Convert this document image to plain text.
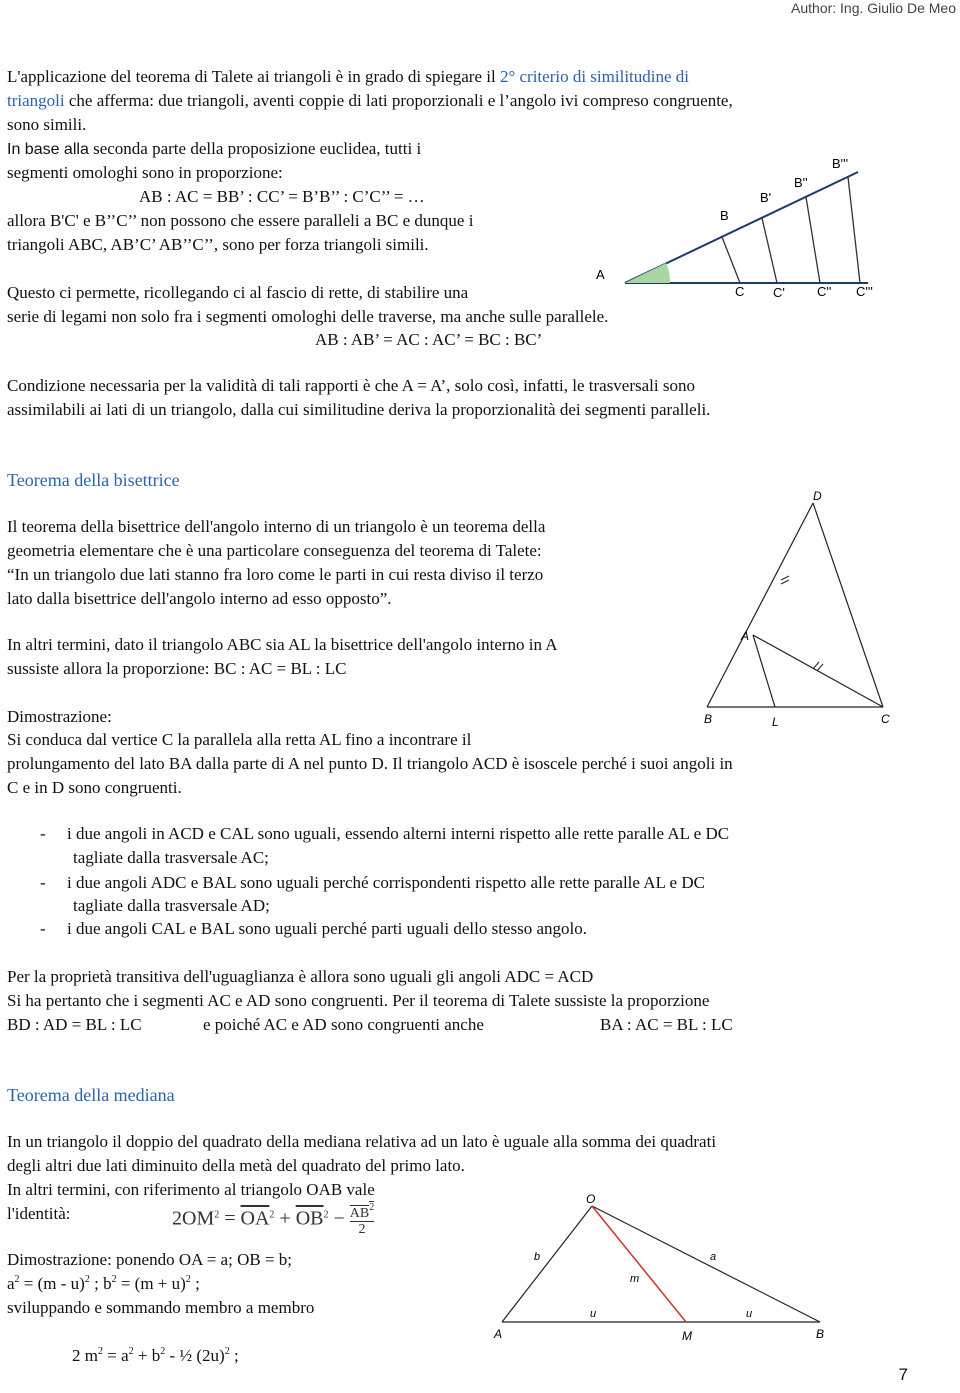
Author: Ing. Giulio De Meo
L'applicazione del teorema di Talete ai triangoli è in grado di spiegare il 2° criterio di similitudine di
triangoli che afferma: due triangoli, aventi coppie di lati proporzionali e l’angolo ivi compreso congruente,
sono simili.
In base alla seconda parte della proposizione euclidea, tutti i
segmenti omologhi sono in proporzione:
AB : AC = BB’ : CC’ = B’B’’ : C’C’’ = …
allora B'C' e B’’C’’ non possono che essere paralleli a BC e dunque i
triangoli ABC, AB’C’ AB’’C’’, sono per forza triangoli simili.
Questo ci permette, ricollegando ci al fascio di rette, di stabilire una
serie di legami non solo fra i segmenti omologhi delle traverse, ma anche sulle parallele.
AB : AB’ = AC : AC’ = BC : BC’
Condizione necessaria per la validità di tali rapporti è che A = A’, solo così, infatti, le trasversali sono
assimilabili ai lati di un triangolo, dalla cui similitudine deriva la proporzionalità dei segmenti paralleli.
A
B
B'
B''
B'''
C C' C'' C'''
Teorema della bisettrice
Il teorema della bisettrice dell'angolo interno di un triangolo è un teorema della
geometria elementare che è una particolare conseguenza del teorema di Talete:
“In un triangolo due lati stanno fra loro come le parti in cui resta diviso il terzo
lato dalla bisettrice dell'angolo interno ad esso opposto”.
In altri termini, dato il triangolo ABC sia AL la bisettrice dell'angolo interno in A
sussiste allora la proporzione: BC : AC = BL : LC
Dimostrazione:
Si conduca dal vertice C la parallela alla retta AL fino a incontrare il
prolungamento del lato BA dalla parte di A nel punto D. Il triangolo ACD è isoscele perché i suoi angoli in
C e in D sono congruenti.
- i due angoli in ACD e CAL sono uguali, essendo alterni interni rispetto alle rette paralle AL e DC
tagliate dalla trasversale AC;
- i due angoli ADC e BAL sono uguali perché corrispondenti rispetto alle rette paralle AL e DC
tagliate dalla trasversale AD;
- i due angoli CAL e BAL sono uguali perché parti uguali dello stesso angolo.
Per la proprietà transitiva dell'uguaglianza è allora sono uguali gli angoli ADC = ACD
Si ha pertanto che i segmenti AC e AD sono congruenti. Per il teorema di Talete sussiste la proporzione
BD : AD = BL : LC	e poiché AC e AD sono congruenti anche	BA : AC = BL : LC
D
A
B	L	C
Teorema della mediana
In un triangolo il doppio del quadrato della mediana relativa ad un lato è uguale alla somma dei quadrati
degli altri due lati diminuito della metà del quadrato del primo lato.
In altri termini, con riferimento al triangolo OAB vale
l'identità:	$2OM^2 = \overline{OA}^2 + \overline{OB}^2 - \frac{AB^2}{2}$
Dimostrazione: ponendo OA = a; OB = b;
$a^2 = (m - u)^2$ ; $b^2 = (m + u)^2$ ;
sviluppando e sommando membro a membro
2 $m^2 = a^2 + b^2$ - ½ $(2u)^2$ ;
O
A	M	B
b	a
m
u	u
7
